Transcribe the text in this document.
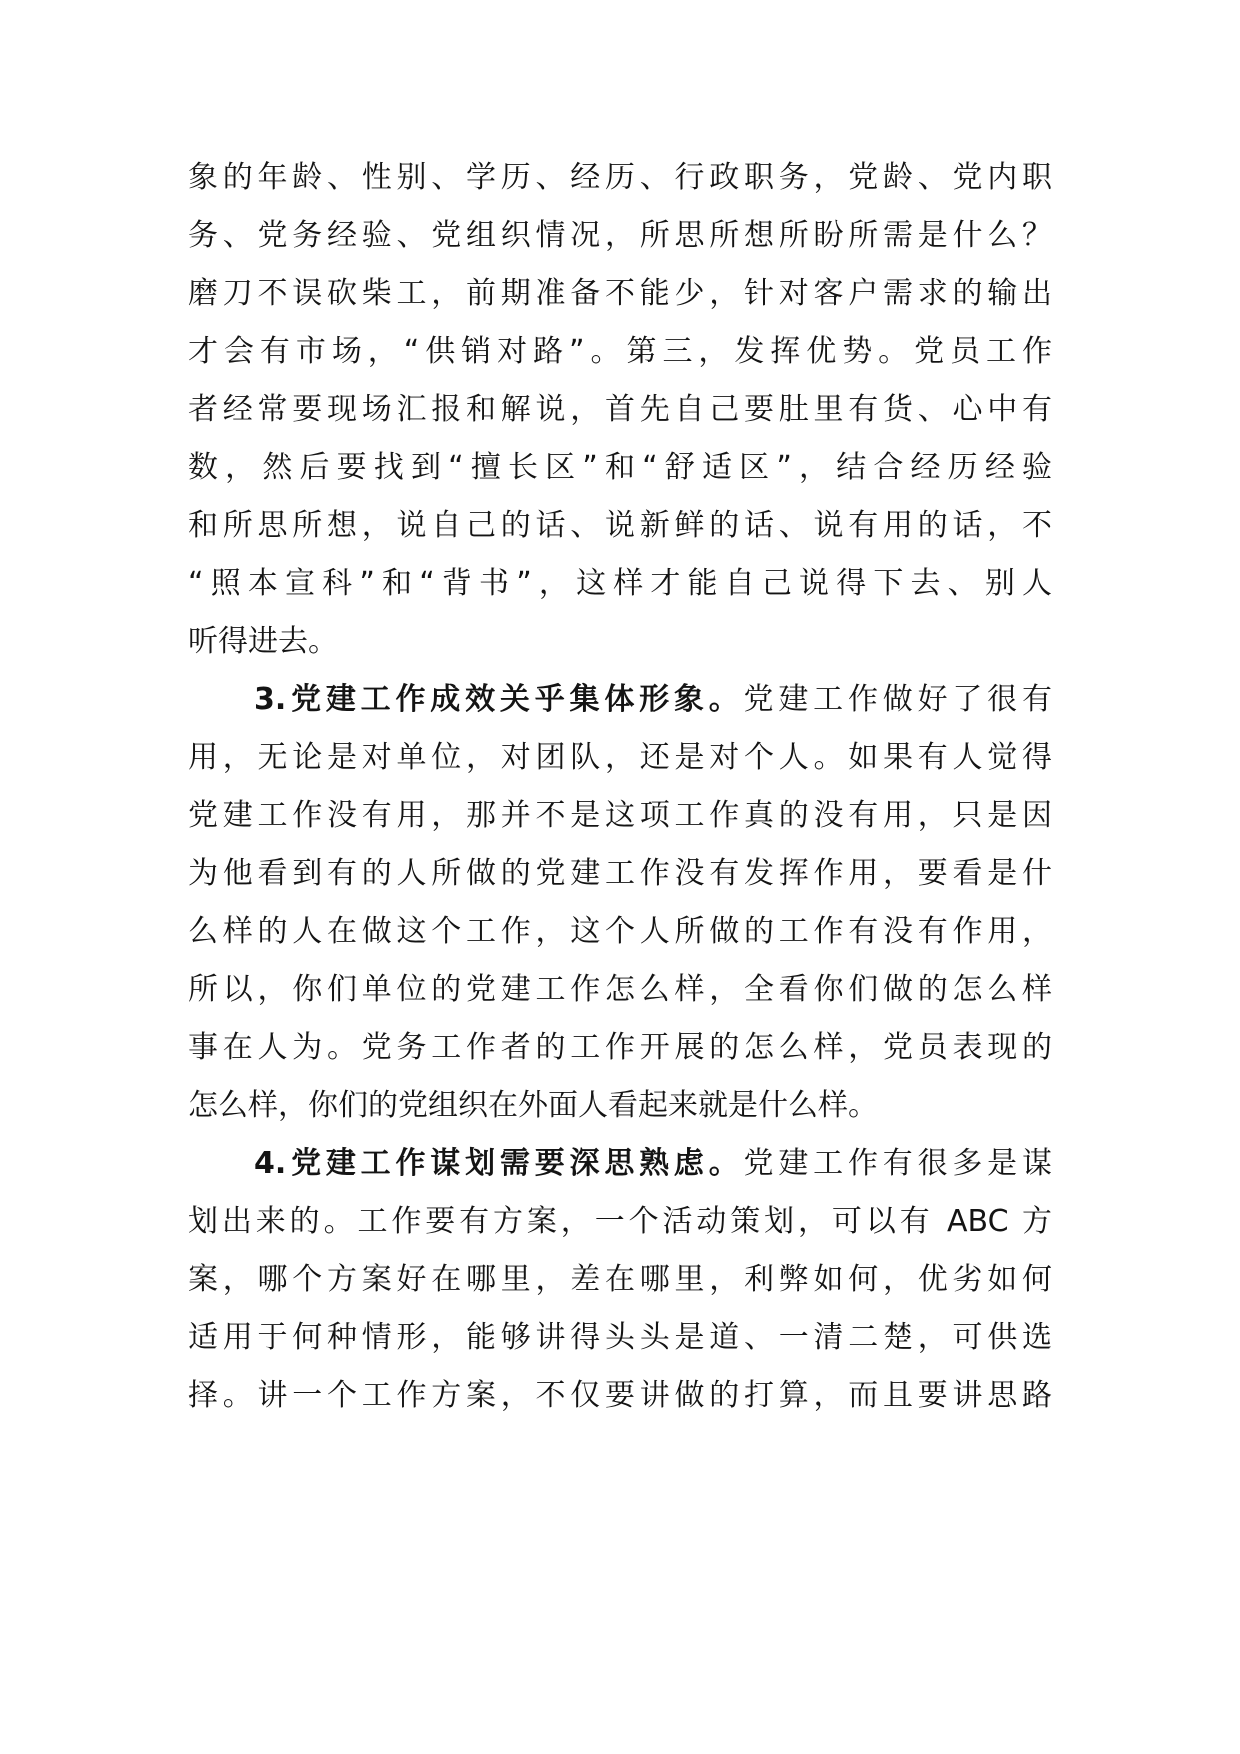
象的年龄、性别、学历、经历、行政职务，党龄、党内职
务、党务经验、党组织情况，所思所想所盼所需是什么？
磨刀不误砍柴工，前期准备不能少，针对客户需求的输出
才会有市场，“供销对路”。第三，发挥优势。党员工作
者经常要现场汇报和解说，首先自己要肚里有货、心中有
数，然后要找到“擅长区”和“舒适区”，结合经历经验
和所思所想，说自己的话、说新鲜的话、说有用的话，不
“照本宣科”和“背书”，这样才能自己说得下去、别人
听得进去。
3.党建工作成效关乎集体形象。党建工作做好了很有
用，无论是对单位，对团队，还是对个人。如果有人觉得
党建工作没有用，那并不是这项工作真的没有用，只是因
为他看到有的人所做的党建工作没有发挥作用，要看是什
么样的人在做这个工作，这个人所做的工作有没有作用，
所以，你们单位的党建工作怎么样，全看你们做的怎么样
事在人为。党务工作者的工作开展的怎么样，党员表现的
怎么样，你们的党组织在外面人看起来就是什么样。
4.党建工作谋划需要深思熟虑。党建工作有很多是谋
划出来的。工作要有方案，一个活动策划，可以有 ABC 方
案，哪个方案好在哪里，差在哪里，利弊如何，优劣如何
适用于何种情形，能够讲得头头是道、一清二楚，可供选
择。讲一个工作方案，不仅要讲做的打算，而且要讲思路
